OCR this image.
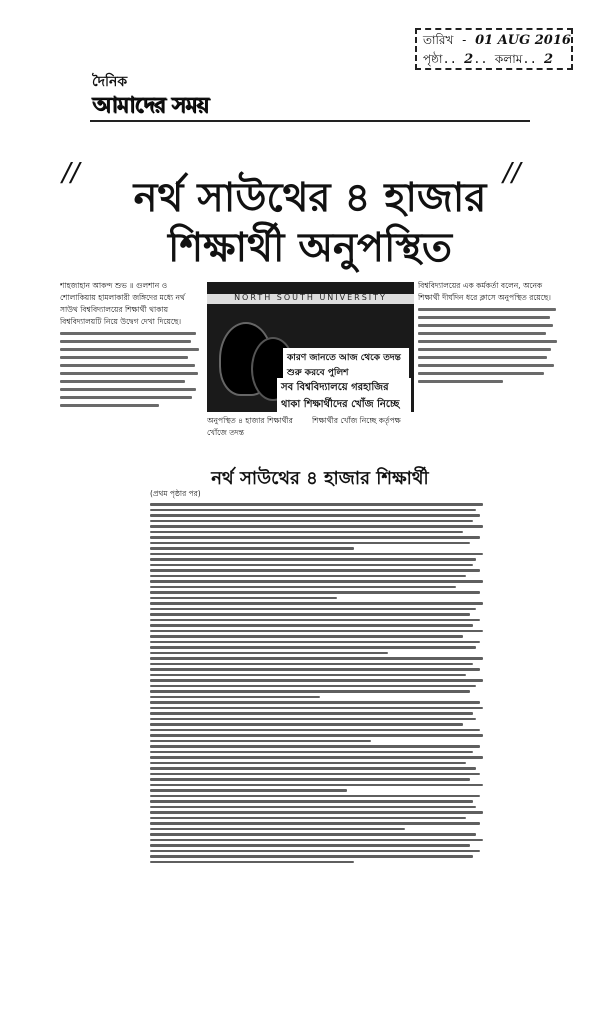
তারিখ - 01 AUG 2016
পৃষ্ঠা.. 2.. কলাম.. 2
দৈনিক
আমাদের সময়
//	//
নর্থ সাউথের ৪ হাজার
শিক্ষার্থী অনুপস্থিত

শাহজাহান আকন্দ শুভ ॥ গুলশান ও শোলাকিয়ায় হামলাকারী জঙ্গিদের মধ্যে নর্থ সাউথ বিশ্ববিদ্যালয়ের শিক্ষার্থী থাকায় বিশ্ববিদ্যালয়টি নিয়ে উদ্বেগ দেখা দিয়েছে।

NORTH SOUTH UNIVERSITY
কারণ জানতে আজ থেকে তদন্ত শুরু করবে পুলিশ
সব বিশ্ববিদ্যালয়ে গরহাজির থাকা শিক্ষার্থীদের খোঁজ নিচ্ছে

বিশ্ববিদ্যালয়ের এক কর্মকর্তা বলেন, অনেক শিক্ষার্থী দীর্ঘদিন ধরে ক্লাসে অনুপস্থিত রয়েছে।

অনুপস্থিত ৪ হাজার শিক্ষার্থীর খোঁজে তদন্ত

শিক্ষার্থীর খোঁজ নিচ্ছে কর্তৃপক্ষ

নর্থ সাউথের ৪ হাজার শিক্ষার্থী

(প্রথম পৃষ্ঠার পর)
